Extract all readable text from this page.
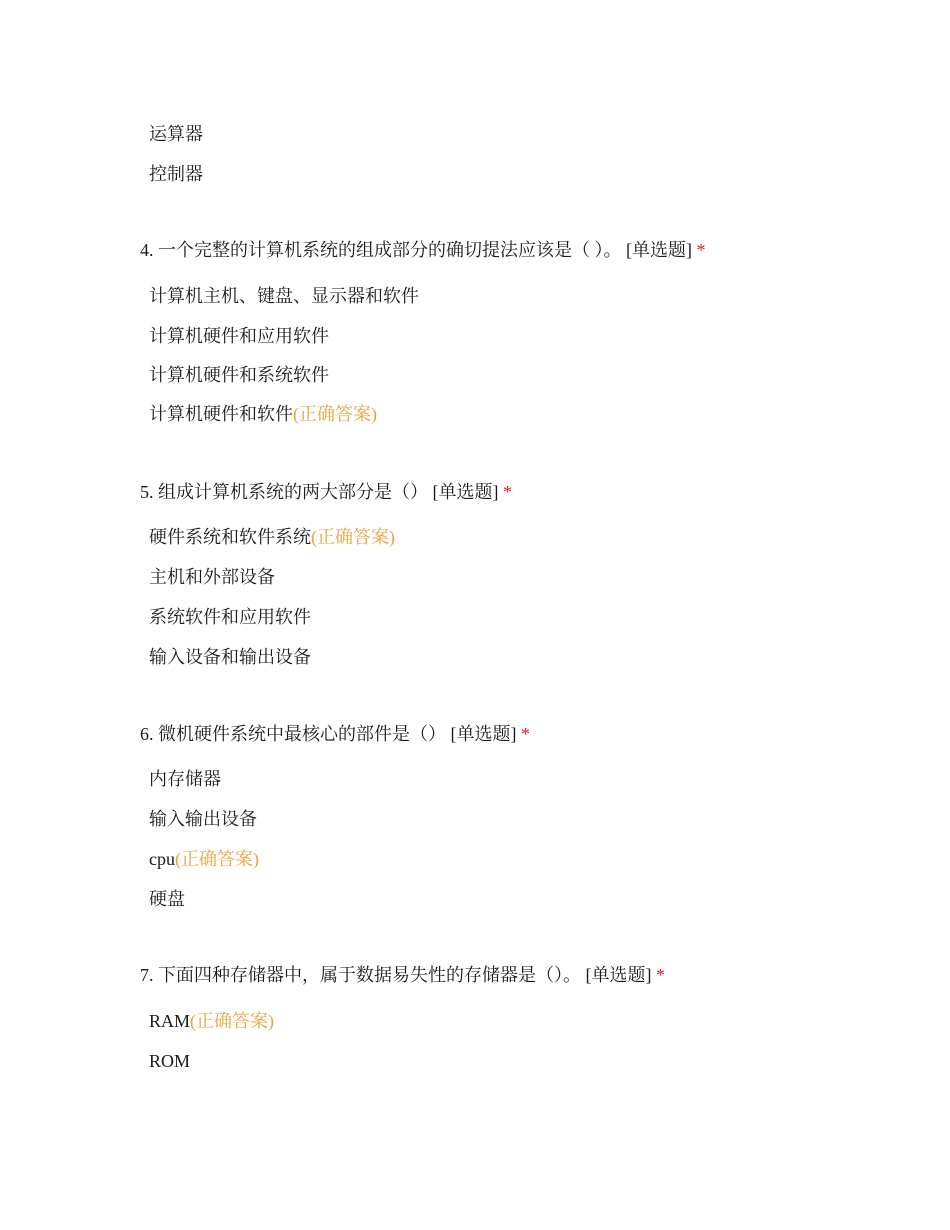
运算器
控制器
4. 一个完整的计算机系统的组成部分的确切提法应该是（ ）。 [单选题] *
计算机主机、键盘、显示器和软件
计算机硬件和应用软件
计算机硬件和系统软件
计算机硬件和软件(正确答案)
5. 组成计算机系统的两大部分是（） [单选题] *
硬件系统和软件系统(正确答案)
主机和外部设备
系统软件和应用软件
输入设备和输出设备
6. 微机硬件系统中最核心的部件是（） [单选题] *
内存储器
输入输出设备
cpu(正确答案)
硬盘
7. 下面四种存储器中，属于数据易失性的存储器是（）。 [单选题] *
RAM(正确答案)
ROM
